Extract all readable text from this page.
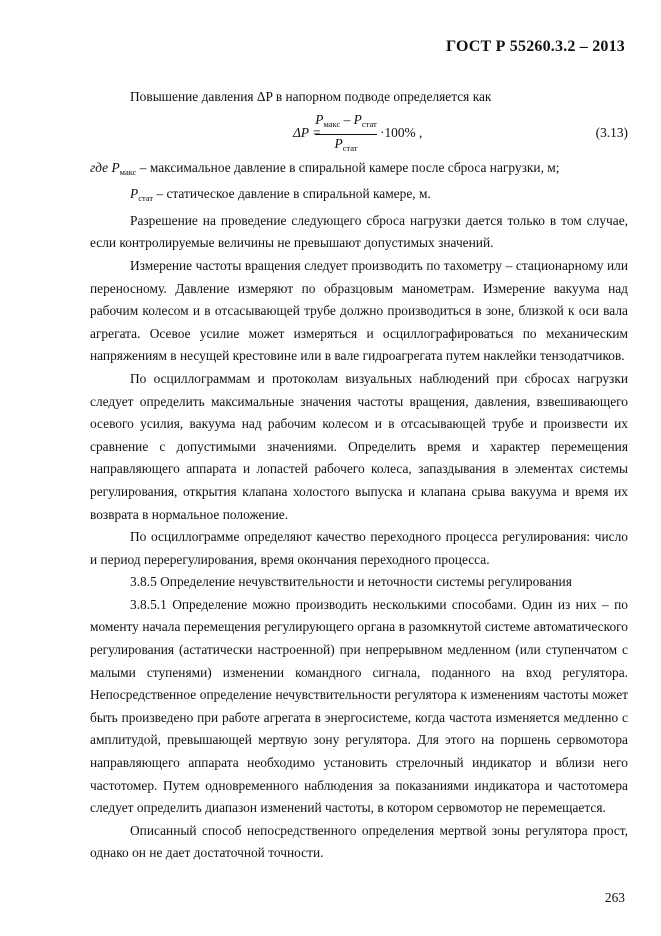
ГОСТ Р 55260.3.2 – 2013

Повышение давления ΔP в напорном подводе определяется как

ΔP =
$P_{макс} - P_{стат}$
$P_{стат}$
·100% ,	(3.13)

где $P_{макс}$ – максимальное давление в спиральной камере после сброса нагрузки, м;

$P_{стат}$ – статическое давление в спиральной камере, м.

Разрешение на проведение следующего сброса нагрузки дается только в том случае, если контролируемые величины не превышают допустимых значений.

Измерение частоты вращения следует производить по тахометру – стационарному или переносному. Давление измеряют по образцовым манометрам. Измерение вакуума над рабочим колесом и в отсасывающей трубе должно производиться в зоне, близкой к оси вала агрегата. Осевое усилие может измеряться и осциллографироваться по механическим напряжениям в несущей крестовине или в вале гидроагрегата путем наклейки тензодатчиков.

По осциллограммам и протоколам визуальных наблюдений при сбросах нагрузки следует определить максимальные значения частоты вращения, давления, взвешивающего осевого усилия, вакуума над рабочим колесом и в отсасывающей трубе и произвести их сравнение с допустимыми значениями. Определить время и характер перемещения направляющего аппарата и лопастей рабочего колеса, запаздывания в элементах системы регулирования, открытия клапана холостого выпуска и клапана срыва вакуума и время их возврата в нормальное положение.

По осциллограмме определяют качество переходного процесса регулирования: число и период перерегулирования, время окончания переходного процесса.

3.8.5 Определение нечувствительности и неточности системы регулирования

3.8.5.1 Определение можно производить несколькими способами. Один из них – по моменту начала перемещения регулирующего органа в разомкнутой системе автоматического регулирования (астатически настроенной) при непрерывном медленном (или ступенчатом с малыми ступенями) изменении командного сигнала, поданного на вход регулятора. Непосредственное определение нечувствительности регулятора к изменениям частоты может быть произведено при работе агрегата в энергосистеме, когда частота изменяется медленно с амплитудой, превышающей мертвую зону регулятора. Для этого на поршень сервомотора направляющего аппарата необходимо установить стрелочный индикатор и вблизи него частотомер. Путем одновременного наблюдения за показаниями индикатора и частотомера следует определить диапазон изменений частоты, в котором сервомотор не перемещается.

Описанный способ непосредственного определения мертвой зоны регулятора прост, однако он не дает достаточной точности.

263
